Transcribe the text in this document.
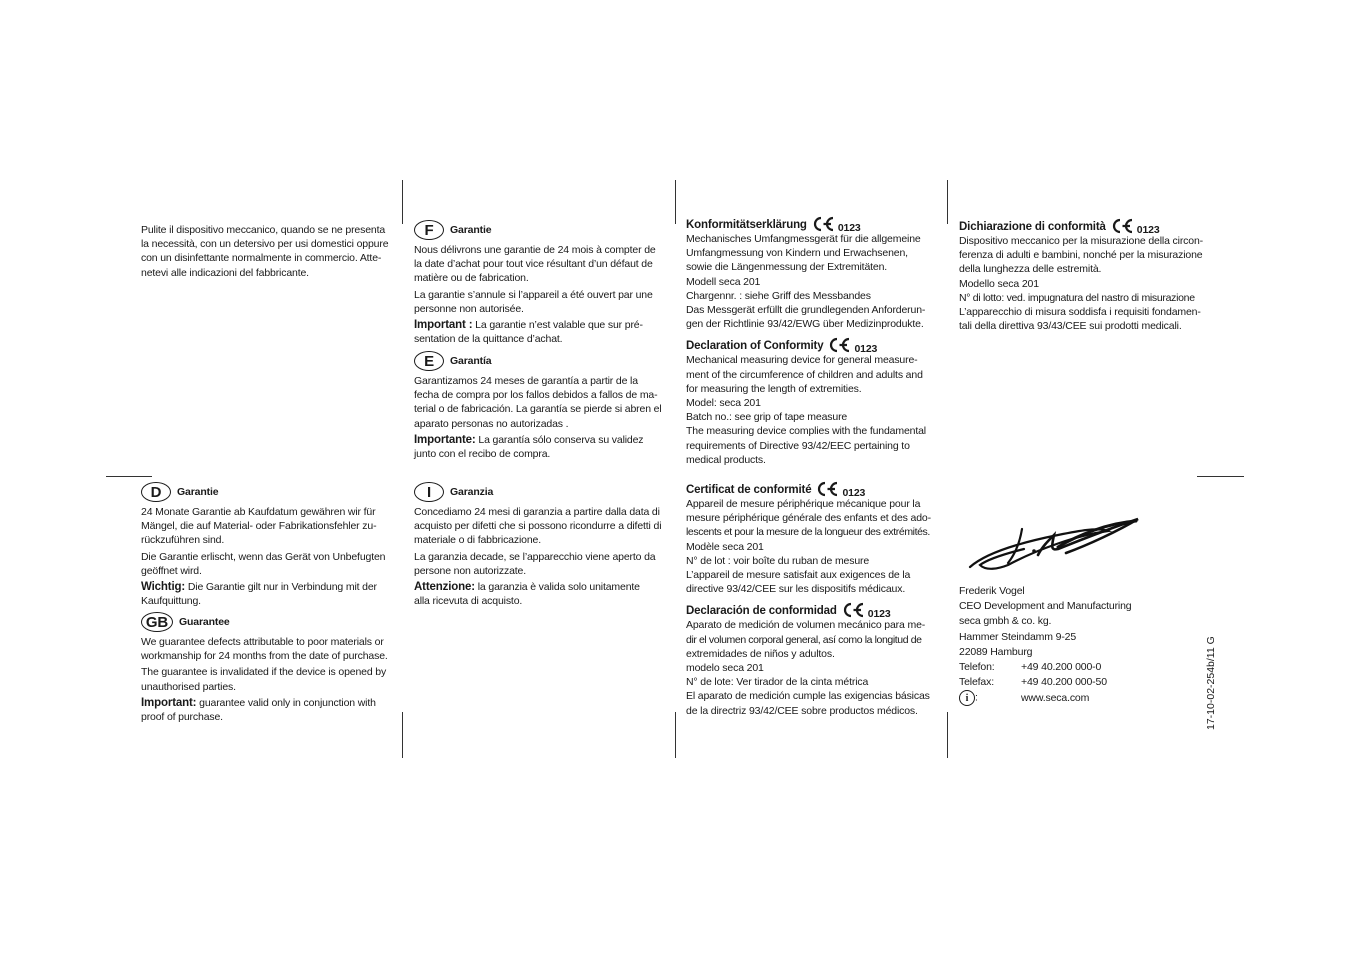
Pulite il dispositivo meccanico, quando se ne presenta
la necessità, con un detersivo per usi domestici oppure
con un disinfettante normalmente in commercio. Atte-
netevi alle indicazioni del fabbricante.
D	Garantie
24 Monate Garantie ab Kaufdatum gewähren wir für
Mängel, die auf Material- oder Fabrikationsfehler zu-
rückzuführen sind.
Die Garantie erlischt, wenn das Gerät von Unbefugten
geöffnet wird.
Wichtig: Die Garantie gilt nur in Verbindung mit der
Kaufquittung.
GB	Guarantee
We guarantee defects attributable to poor materials or
workmanship for 24 months from the date of purchase.
The guarantee is invalidated if the device is opened by
unauthorised parties.
Important: guarantee valid only in conjunction with
proof of purchase.
F	Garantie
Nous délivrons une garantie de 24 mois à compter de
la date d’achat pour tout vice résultant d’un défaut de
matière ou de fabrication.
La garantie s’annule si l’appareil a été ouvert par une
personne non autorisée.
Important : La garantie n’est valable que sur pré-
sentation de la quittance d’achat.
E	Garantía
Garantizamos 24 meses de garantía a partir de la
fecha de compra por los fallos debidos a fallos de ma-
terial o de fabricación. La garantía se pierde si abren el
aparato personas no autorizadas .
Importante: La garantía sólo conserva su validez
junto con el recibo de compra.
I	Garanzia
Concediamo 24 mesi di garanzia a partire dalla data di
acquisto per difetti che si possono ricondurre a difetti di
materiale o di fabbricazione.
La garanzia decade, se l’apparecchio viene aperto da
persone non autorizzate.
Attenzione: la garanzia è valida solo unitamente
alla ricevuta di acquisto.
Konformitätserklärung	0123
Mechanisches Umfangmessgerät für die allgemeine
Umfangmessung von Kindern und Erwachsenen,
sowie die Längenmessung der Extremitäten.
Modell seca 201
Chargennr. : siehe Griff des Messbandes
Das Messgerät erfüllt die grundlegenden Anforderun-
gen der Richtlinie 93/42/EWG über Medizinprodukte.
Declaration of Conformity	0123
Mechanical measuring device for general measure-
ment of the circumference of children and adults and
for measuring the length of extremities.
Model: seca 201
Batch no.: see grip of tape measure
The measuring device complies with the fundamental
requirements of Directive 93/42/EEC pertaining to
medical products.
Certificat de conformité	0123
Appareil de mesure périphérique mécanique pour la
mesure périphérique générale des enfants et des ado-
lescents et pour la mesure de la longueur des extrémités.
Modèle seca 201
N° de lot : voir boîte du ruban de mesure
L’appareil de mesure satisfait aux exigences de la
directive 93/42/CEE sur les dispositifs médicaux.
Declaración de conformidad	0123
Aparato de medición de volumen mecánico para me-
dir el volumen corporal general, así como la longitud de
extremidades de niños y adultos.
modelo seca 201
N° de lote: Ver tirador de la cinta métrica
El aparato de medición cumple las exigencias básicas
de la directriz 93/42/CEE sobre productos médicos.
Dichiarazione di conformità	0123
Dispositivo meccanico per la misurazione della circon-
ferenza di adulti e bambini, nonché per la misurazione
della lunghezza delle estremità.
Modello seca 201
N° di lotto: ved. impugnatura del nastro di misurazione
L’apparecchio di misura soddisfa i requisiti fondamen-
tali della direttiva 93/43/CEE sui prodotti medicali.
Frederik Vogel
CEO Development and Manufacturing
seca gmbh & co. kg.
Hammer Steindamm 9-25
22089 Hamburg
Telefon:	+49 40.200 000-0
Telefax:	+49 40.200 000-50
i :	www.seca.com	17-10-02-254b/11 G
